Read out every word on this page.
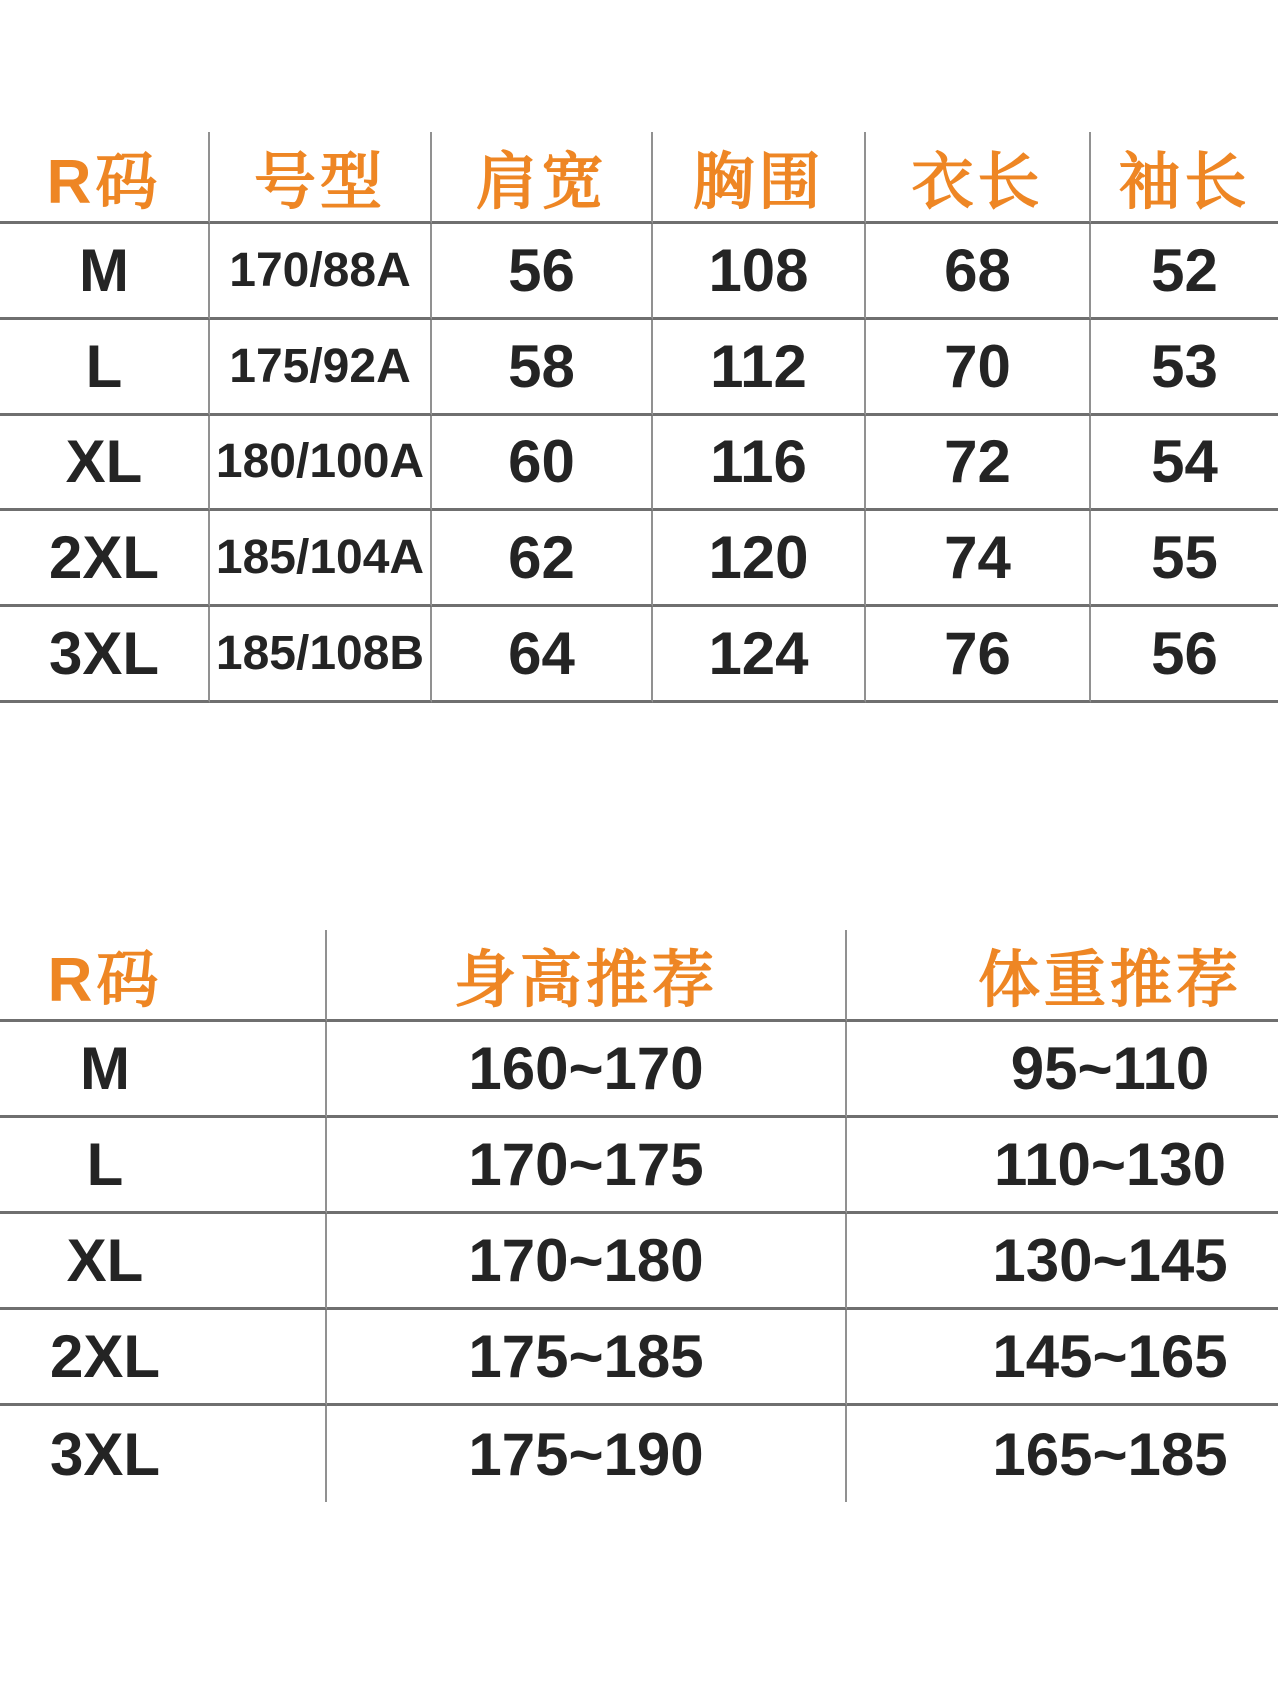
R码	号型	肩宽	胸围	衣长	袖长
M	170/88A	56	108	68	52
L	175/92A	58	112	70	53
XL	180/100A	60	116	72	54
2XL	185/104A	62	120	74	55
3XL	185/108B	64	124	76	56
R码	身高推荐	体重推荐
M	160~170	95~110
L	170~175	110~130
XL	170~180	130~145
2XL	175~185	145~165
3XL	175~190	165~185
